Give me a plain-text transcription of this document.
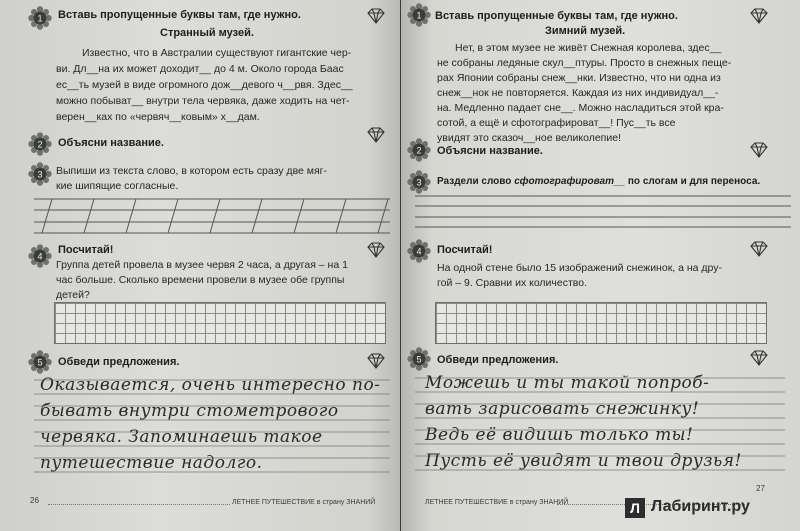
1 Вставь пропущенные буквы там, где нужно.
Странный музей.
Известно, что в Австралии существуют гигантские чер-
ви. Дл__на их может доходит__ до 4 м. Около города Баас
ес__ть музей в виде огромного дож__девого ч__рвя. Здес__
можно побыват__ внутри тела червяка, даже ходить на чет-
верен__ках по «червяч__ковым» х__дам.
2 Объясни название.
3 Выпиши из текста слово, в котором есть сразу две мяг-
кие шипящие согласные.
4
Посчитай!
Группа детей провела в музее червя 2 часа, а другая – на 1
час больше. Сколько времени провели в музее обе группы
детей?
5 Обведи предложения.
Оказывается, очень интересно по-
бывать внутри стометрового
червяка. Запоминаешь такое
путешествие надолго.
26	ЛЕТНЕЕ ПУТЕШЕСТВИЕ в страну ЗНАНИЙ
1 Вставь пропущенные буквы там, где нужно.
Зимний музей.
Нет, в этом музее не живёт Снежная королева, здес__
не собраны ледяные скул__птуры. Просто в снежных пеще-
рах Японии собраны снеж__нки. Известно, что ни одна из
снеж__нок не повторяется. Каждая из них индивидуал__-
на. Медленно падает сне__. Можно насладиться этой кра-
сотой, а ещё и сфотографироват__! Пус__ть все
увидят это сказоч__ное великолепие!
2 Объясни название.
3 Раздели слово сфотографироват__ по слогам и для переноса.
4 Посчитай!
На одной стене было 15 изображений снежинок, а на дру-
гой – 9. Сравни их количество.
5 Обведи предложения.
Можешь и ты такой попроб-
вать зарисовать снежинку!
Ведь её видишь только ты!
Пусть её увидят и твои друзья!
ЛЕТНЕЕ ПУТЕШЕСТВИЕ в страну ЗНАНИЙ
27
Л Лабиринт.ру
